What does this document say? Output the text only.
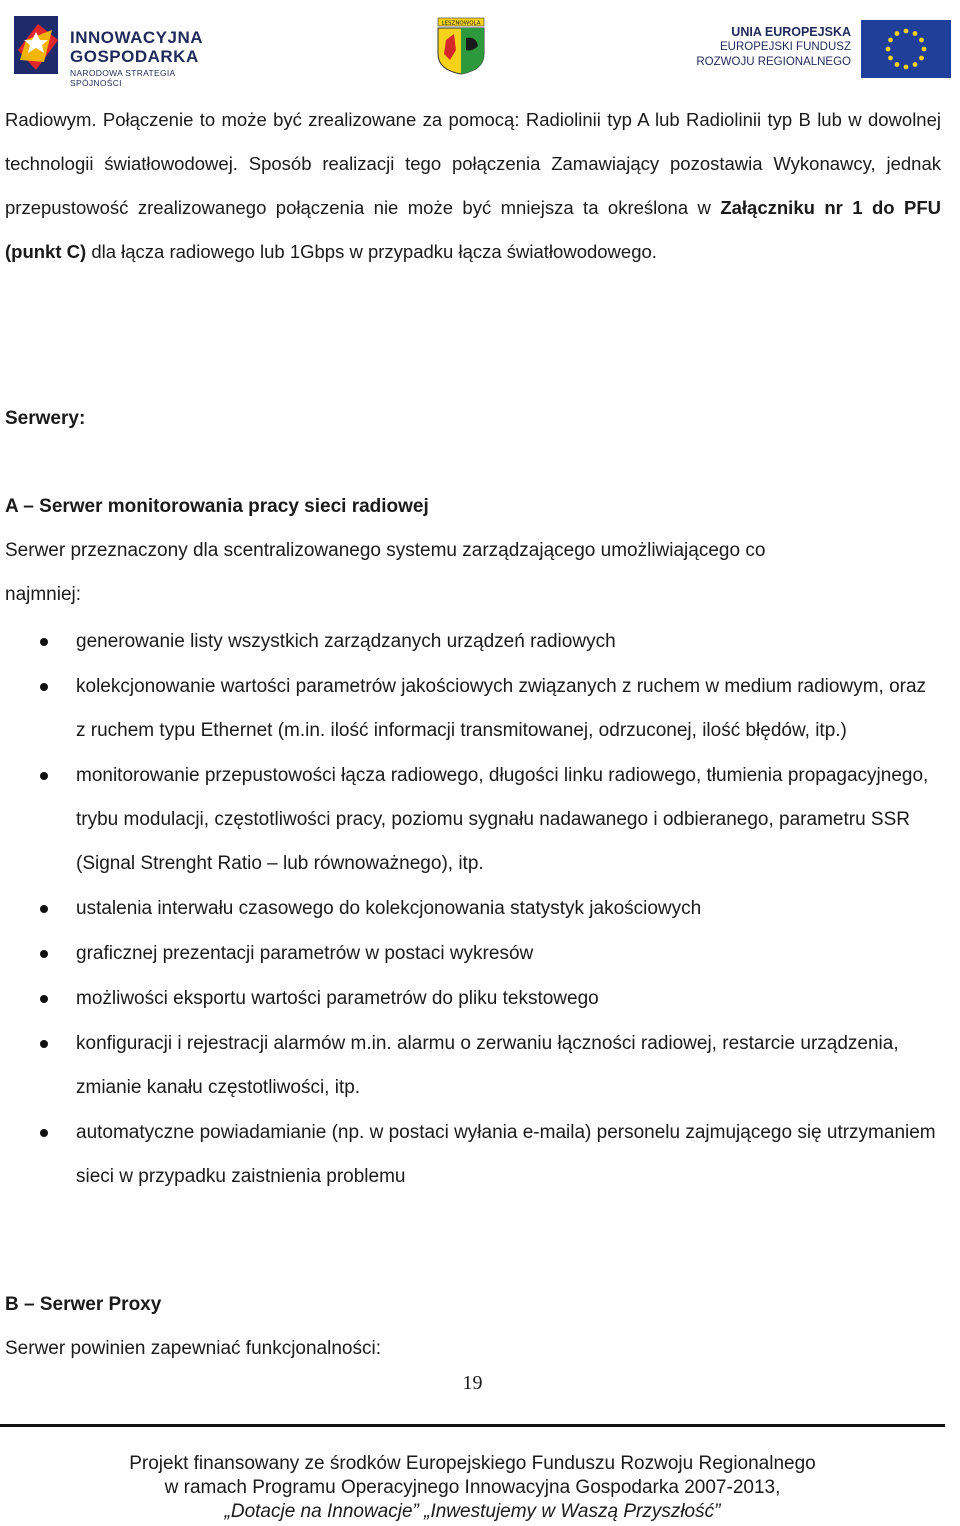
INNOWACYJNA
GOSPODARKA
NARODOWA STRATEGIA SPÓJNOŚCI
LESZNOWOLA
UNIA EUROPEJSKA
EUROPEJSKI FUNDUSZ
ROZWOJU REGIONALNEGO

Radiowym. Połączenie to może być zrealizowane za pomocą: Radiolinii typ A lub Radiolinii typ B lub w dowolnej technologii światłowodowej. Sposób realizacji tego połączenia Zamawiający pozostawia Wykonawcy, jednak przepustowość zrealizowanego połączenia nie może być mniejsza ta określona w Załączniku nr 1 do PFU (punkt C) dla łącza radiowego lub 1Gbps w przypadku łącza światłowodowego.

Serwery:

A – Serwer monitorowania pracy sieci radiowej

Serwer przeznaczony dla scentralizowanego systemu zarządzającego umożliwiającego co

najmniej:

generowanie listy wszystkich zarządzanych urządzeń radiowych
kolekcjonowanie wartości parametrów jakościowych związanych z ruchem w medium radiowym, oraz z ruchem typu Ethernet (m.in. ilość informacji transmitowanej, odrzuconej, ilość błędów, itp.)
monitorowanie przepustowości łącza radiowego, długości linku radiowego, tłumienia propagacyjnego, trybu modulacji, częstotliwości pracy, poziomu sygnału nadawanego i odbieranego, parametru SSR (Signal Strenght Ratio – lub równoważnego), itp.
ustalenia interwału czasowego do kolekcjonowania statystyk jakościowych
graficznej prezentacji parametrów w postaci wykresów
możliwości eksportu wartości parametrów do pliku tekstowego
konfiguracji i rejestracji alarmów m.in. alarmu o zerwaniu łączności radiowej, restarcie urządzenia, zmianie kanału częstotliwości, itp.
automatyczne powiadamianie (np. w postaci wyłania e-maila) personelu zajmującego się utrzymaniem sieci w przypadku zaistnienia problemu

B – Serwer Proxy

Serwer powinien zapewniać funkcjonalności:

19
Projekt finansowany ze środków Europejskiego Funduszu Rozwoju Regionalnego
w ramach Programu Operacyjnego Innowacyjna Gospodarka 2007-2013,
„Dotacje na Innowacje” „Inwestujemy w Waszą Przyszłość”
